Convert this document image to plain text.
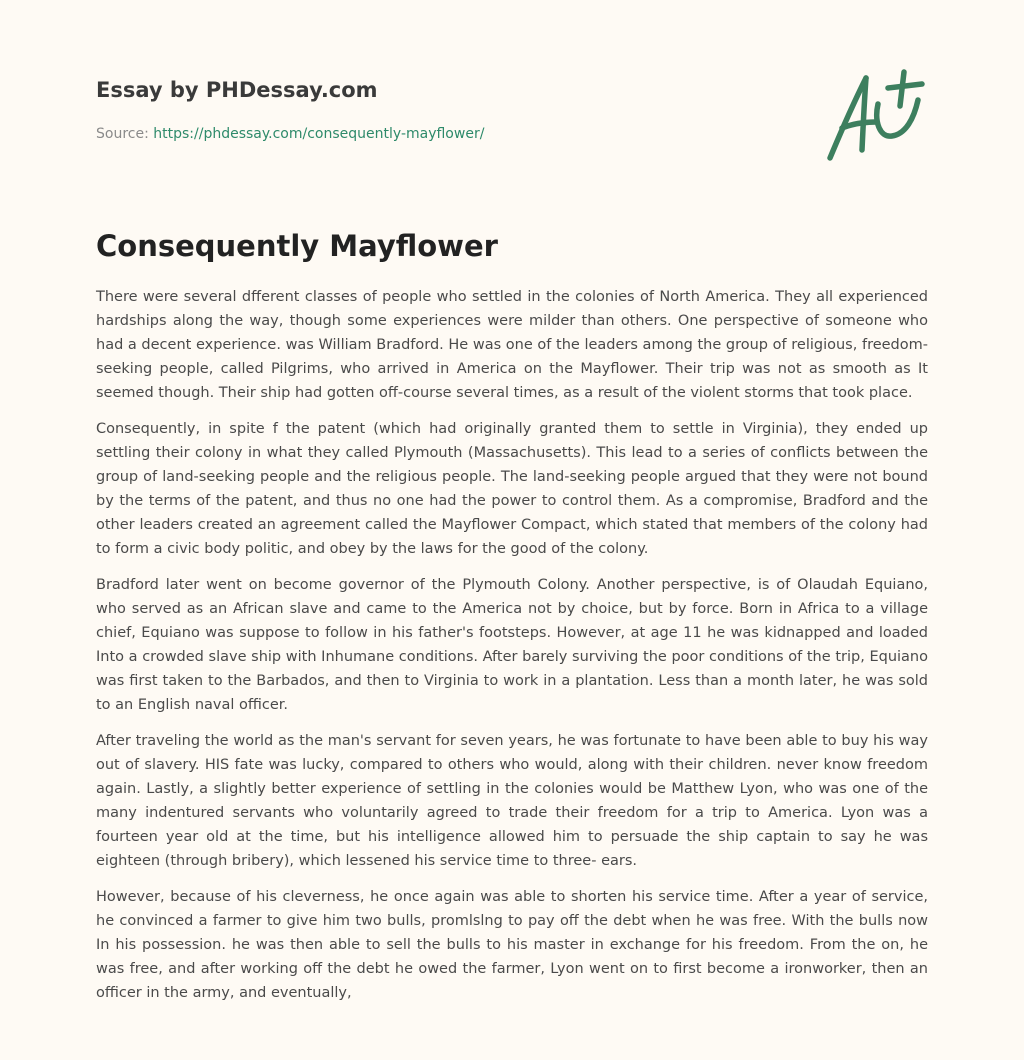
Essay by PHDessay.com
Source: https://phdessay.com/consequently-mayflower/
Consequently Mayflower

There were several dfferent classes of people who settled in the colonies of North America. They all experienced hardships along the way, though some experiences were milder than others. One perspective of someone who had a decent experience. was William Bradford. He was one of the leaders among the group of religious, freedom-seeking people, called Pilgrims, who arrived in America on the Mayflower. Their trip was not as smooth as It seemed though. Their ship had gotten off-course several times, as a result of the violent storms that took place.

Consequently, in spite f the patent (which had originally granted them to settle in Virginia), they ended up settling their colony in what they called Plymouth (Massachusetts). This lead to a series of conflicts between the group of land-seeking people and the religious people. The land-seeking people argued that they were not bound by the terms of the patent, and thus no one had the power to control them. As a compromise, Bradford and the other leaders created an agreement called the Mayflower Compact, which stated that members of the colony had to form a civic body politic, and obey by the laws for the good of the colony.

Bradford later went on become governor of the Plymouth Colony. Another perspective, is of Olaudah Equiano, who served as an African slave and came to the America not by choice, but by force. Born in Africa to a village chief, Equiano was suppose to follow in his father's footsteps. However, at age 11 he was kidnapped and loaded Into a crowded slave ship with Inhumane conditions. After barely surviving the poor conditions of the trip, Equiano was first taken to the Barbados, and then to Virginia to work in a plantation. Less than a month later, he was sold to an English naval officer.

After traveling the world as the man's servant for seven years, he was fortunate to have been able to buy his way out of slavery. HIS fate was lucky, compared to others who would, along with their children. never know freedom again. Lastly, a slightly better experience of settling in the colonies would be Matthew Lyon, who was one of the many indentured servants who voluntarily agreed to trade their freedom for a trip to America. Lyon was a fourteen year old at the time, but his intelligence allowed him to persuade the ship captain to say he was eighteen (through bribery), which lessened his service time to three- ears.

However, because of his cleverness, he once again was able to shorten his service time. After a year of service, he convinced a farmer to give him two bulls, promlslng to pay off the debt when he was free. With the bulls now In his possession. he was then able to sell the bulls to his master in exchange for his freedom. From the on, he was free, and after working off the debt he owed the farmer, Lyon went on to first become a ironworker, then an officer in the army, and eventually,
